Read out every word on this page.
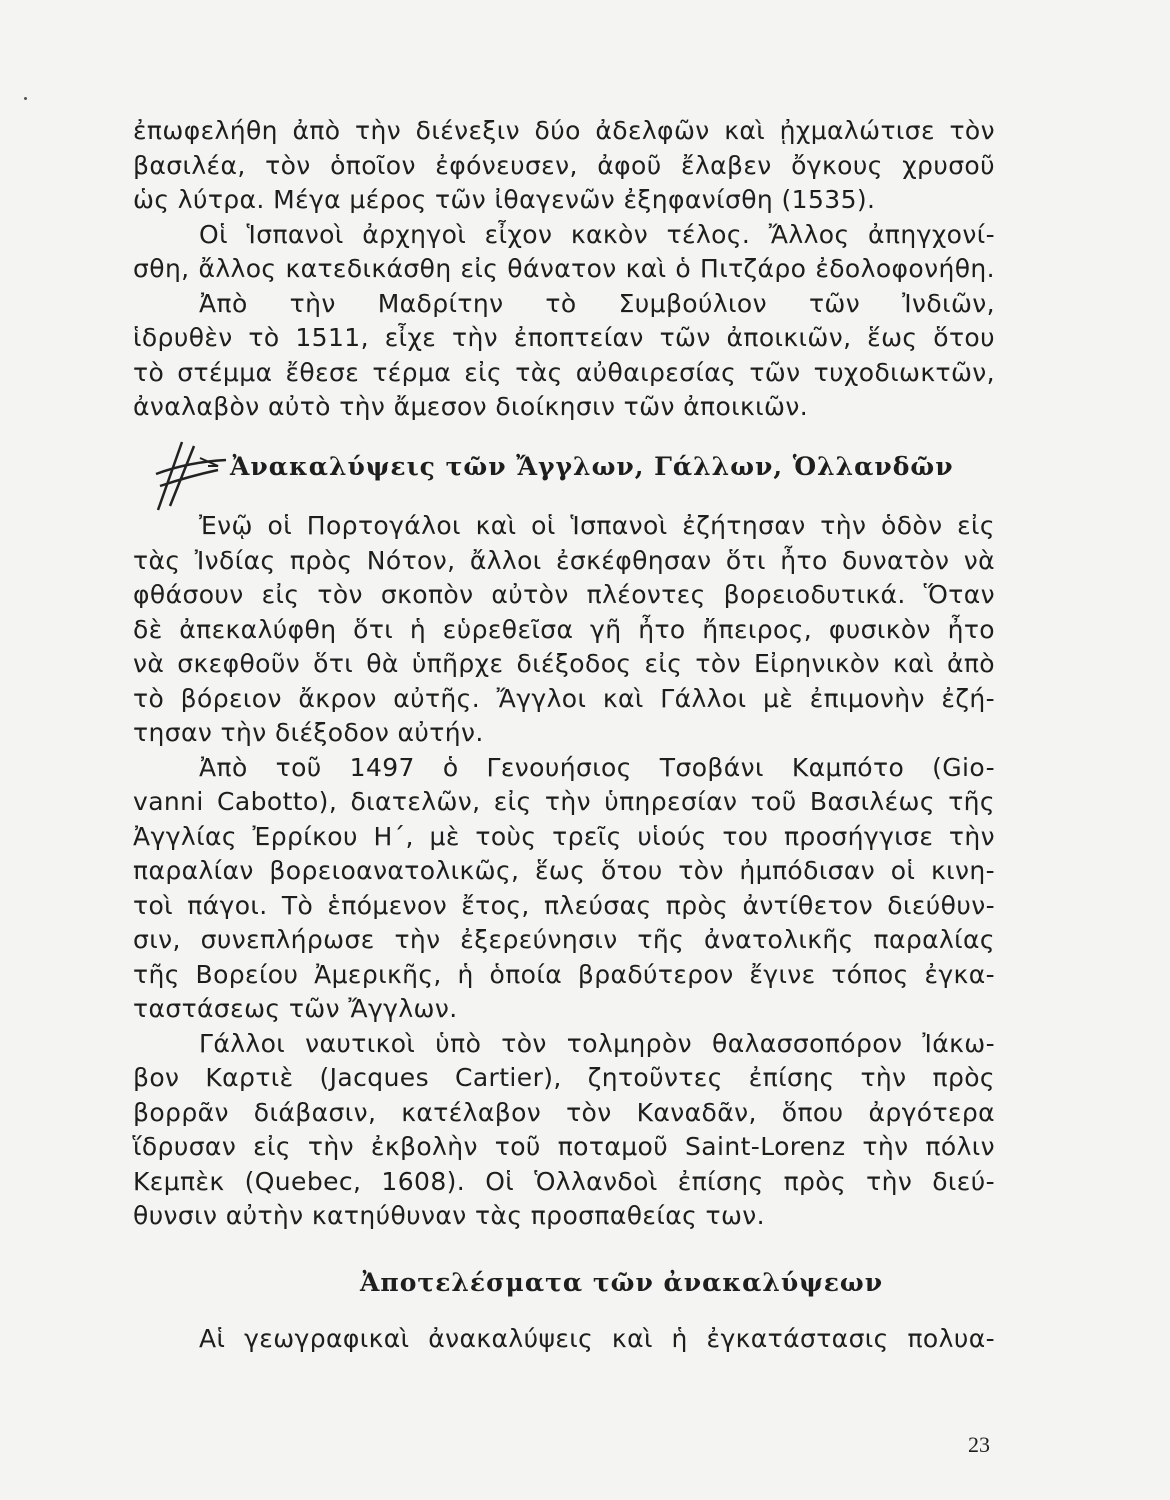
ἐπωφελήθη ἀπὸ τὴν διένεξιν δύο ἀδελφῶν καὶ ᾐχμαλώτισε τὸν
βασιλέα, τὸν ὁποῖον ἐφόνευσεν, ἀφοῦ ἔλαβεν ὄγκους χρυσοῦ
ὡς λύτρα. Μέγα μέρος τῶν ἰθαγενῶν ἐξηφανίσθη (1535).
Οἱ Ἱσπανοὶ ἀρχηγοὶ εἶχον κακὸν τέλος. Ἄλλος ἀπηγχονί-
σθη, ἄλλος κατεδικάσθη εἰς θάνατον καὶ ὁ Πιτζάρο ἐδολοφονήθη.
Ἀπὸ τὴν Μαδρίτην τὸ Συμβούλιον τῶν Ἰνδιῶν,
ἱδρυθὲν τὸ 1511, εἶχε τὴν ἐποπτείαν τῶν ἀποικιῶν, ἕως ὅτου
τὸ στέμμα ἔθεσε τέρμα εἰς τὰς αὐθαιρεσίας τῶν τυχοδιωκτῶν,
ἀναλαβὸν αὐτὸ τὴν ἄμεσον διοίκησιν τῶν ἀποικιῶν.
Ἀνακαλύψεις τῶν Ἄγγλων, Γάλλων, Ὁλλανδῶν
Ἐνῷ οἱ Πορτογάλοι καὶ οἱ Ἱσπανοὶ ἐζήτησαν τὴν ὁδὸν εἰς
τὰς Ἰνδίας πρὸς Νότον, ἄλλοι ἐσκέφθησαν ὅτι ἦτο δυνατὸν νὰ
φθάσουν εἰς τὸν σκοπὸν αὐτὸν πλέοντες βορειοδυτικά. Ὅταν
δὲ ἀπεκαλύφθη ὅτι ἡ εὑρεθεῖσα γῆ ἦτο ἤπειρος, φυσικὸν ἦτο
νὰ σκεφθοῦν ὅτι θὰ ὑπῆρχε διέξοδος εἰς τὸν Εἰρηνικὸν καὶ ἀπὸ
τὸ βόρειον ἄκρον αὐτῆς. Ἄγγλοι καὶ Γάλλοι μὲ ἐπιμονὴν ἐζή-
τησαν τὴν διέξοδον αὐτήν.
Ἀπὸ τοῦ 1497 ὁ Γενουήσιος Τσοβάνι Καμπότο (Gio-
vanni Cabotto), διατελῶν, εἰς τὴν ὑπηρεσίαν τοῦ Βασιλέως τῆς
Ἀγγλίας Ἐρρίκου Η΄, μὲ τοὺς τρεῖς υἱούς του προσήγγισε τὴν
παραλίαν βορειοανατολικῶς, ἕως ὅτου τὸν ἠμπόδισαν οἱ κινη-
τοὶ πάγοι. Τὸ ἑπόμενον ἔτος, πλεύσας πρὸς ἀντίθετον διεύθυν-
σιν, συνεπλήρωσε τὴν ἐξερεύνησιν τῆς ἀνατολικῆς παραλίας
τῆς Βορείου Ἀμερικῆς, ἡ ὁποία βραδύτερον ἔγινε τόπος ἐγκα-
ταστάσεως τῶν Ἄγγλων.
Γάλλοι ναυτικοὶ ὑπὸ τὸν τολμηρὸν θαλασσοπόρον Ἰάκω-
βον Καρτιὲ (Jacques Cartier), ζητοῦντες ἐπίσης τὴν πρὸς
βορρᾶν διάβασιν, κατέλαβον τὸν Καναδᾶν, ὅπου ἀργότερα
ἵδρυσαν εἰς τὴν ἐκβολὴν τοῦ ποταμοῦ Saint-Lorenz τὴν πόλιν
Κεμπὲκ (Quebec, 1608). Οἱ Ὁλλανδοὶ ἐπίσης πρὸς τὴν διεύ-
θυνσιν αὐτὴν κατηύθυναν τὰς προσπαθείας των.
Ἀποτελέσματα τῶν ἀνακαλύψεων
Αἱ γεωγραφικαὶ ἀνακαλύψεις καὶ ἡ ἐγκατάστασις πολυα-
23
